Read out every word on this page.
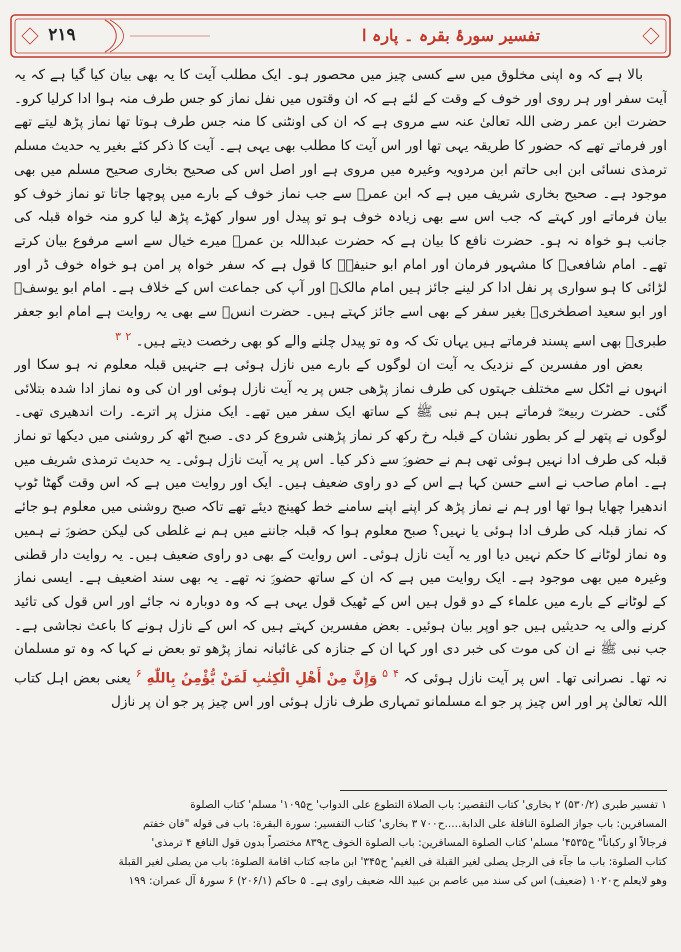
۲۱۹	تفسیر سورۂ بقرہ ۔ پارہ ا

بالا ہے کہ وہ اپنی مخلوق میں سے کسی چیز میں محصور ہو۔ ایک مطلب آیت کا یہ بھی بیان کیا گیا ہے کہ یہ آیت سفر اور ہر روی اور خوف کے وقت کے لئے ہے کہ ان وقتوں میں نفل نماز کو جس طرف منہ ہوا ادا کرلیا کرو۔ حضرت ابن عمر رضی اللہ تعالیٰ عنہ سے مروی ہے کہ ان کی اونٹنی کا منہ جس طرف ہوتا تھا نماز پڑھ لیتے تھے اور فرماتے تھے کہ حضور کا طریقہ یہی تھا اور اس آیت کا مطلب بھی یہی ہے۔ آیت کا ذکر کئے بغیر یہ حدیث مسلم ترمذی نسائی ابن ابی حاتم ابن مردویہ وغیرہ میں مروی ہے اور اصل اس کی صحیح بخاری صحیح مسلم میں بھی موجود ہے۔ صحیح بخاری شریف میں ہے کہ ابن عمرؓ سے جب نماز خوف کے بارے میں پوچھا جاتا تو نماز خوف کو بیان فرماتے اور کہتے کہ جب اس سے بھی زیادہ خوف ہو تو پیدل اور سوار کھڑے پڑھ لیا کرو منہ خواہ قبلہ کی جانب ہو خواہ نہ ہو۔ حضرت نافع کا بیان ہے کہ حضرت عبداللہ بن عمرؓ میرے خیال سے اسے مرفوع بیان کرتے تھے۔ امام شافعیؒ کا مشہور فرمان اور امام ابو حنیفہؒ کا قول ہے کہ سفر خواہ پر امن ہو خواہ خوف ڈر اور لڑائی کا ہو سواری پر نفل ادا کر لینے جائز ہیں امام مالکؒ اور آپ کی جماعت اس کے خلاف ہے۔ امام ابو یوسفؒ اور ابو سعید اصطخریؒ بغیر سفر کے بھی اسے جائز کہتے ہیں۔ حضرت انسؓ سے بھی یہ روایت ہے امام ابو جعفر طبریؒ بھی اسے پسند فرماتے ہیں یہاں تک کہ وہ تو پیدل چلنے والے کو بھی رخصت دیتے ہیں۔ $^۲$ $^۳$

بعض اور مفسرین کے نزدیک یہ آیت ان لوگوں کے بارے میں نازل ہوئی ہے جنہیں قبلہ معلوم نہ ہو سکا اور انہوں نے اٹکل سے مختلف جہتوں کی طرف نماز پڑھی جس پر یہ آیت نازل ہوئی اور ان کی وہ نماز ادا شدہ بتلائی گئی۔ حضرت ربیعہؓ فرماتے ہیں ہم نبی ﷺ کے ساتھ ایک سفر میں تھے۔ ایک منزل پر اترے۔ رات اندھیری تھی۔ لوگوں نے پتھر لے کر بطور نشان کے قبلہ رخ رکھ کر نماز پڑھنی شروع کر دی۔ صبح اٹھ کر روشنی میں دیکھا تو نماز قبلہ کی طرف ادا نہیں ہوئی تھی ہم نے حضورؐ سے ذکر کیا۔ اس پر یہ آیت نازل ہوئی۔ یہ حدیث ترمذی شریف میں ہے۔ امام صاحب نے اسے حسن کہا ہے اس کے دو راوی ضعیف ہیں۔ ایک اور روایت میں ہے کہ اس وقت گھٹا ٹوپ اندھیرا چھایا ہوا تھا اور ہم نے نماز پڑھ کر اپنے اپنے سامنے خط کھینچ دیئے تھے تاکہ صبح روشنی میں معلوم ہو جائے کہ نماز قبلہ کی طرف ادا ہوئی یا نہیں؟ صبح معلوم ہوا کہ قبلہ جاننے میں ہم نے غلطی کی لیکن حضورؐ نے ہمیں وہ نماز لوٹانے کا حکم نہیں دیا اور یہ آیت نازل ہوئی۔ اس روایت کے بھی دو راوی ضعیف ہیں۔ یہ روایت دار قطنی وغیرہ میں بھی موجود ہے۔ ایک روایت میں ہے کہ ان کے ساتھ حضورؐ نہ تھے۔ یہ بھی سند اضعیف ہے۔ ایسی نماز کے لوٹانے کے بارے میں علماء کے دو قول ہیں اس کے ٹھیک قول یہی ہے کہ وہ دوبارہ نہ جائے اور اس قول کی تائید کرنے والی یہ حدیثیں ہیں جو اوپر بیان ہوئیں۔ بعض مفسرین کہتے ہیں کہ اس کے نازل ہونے کا باعث نجاشی ہے۔ جب نبی ﷺ نے ان کی موت کی خبر دی اور کہا ان کے جنازہ کی غائبانہ نماز پڑھو تو بعض نے کہا کہ وہ تو مسلمان نہ تھا۔ نصرانی تھا۔ اس پر آیت نازل ہوئی کہ $^۴$ $^۵$ وَإِنَّ مِنْ أَهْلِ الْكِتٰبِ لَمَنْ يُّؤْمِنُ بِاللّٰهِ $^۶$ یعنی بعض اہل کتاب اللہ تعالیٰ پر اور اس چیز پر جو اے مسلمانو تمہاری طرف نازل ہوئی اور اس چیز پر جو ان پر نازل

۱ تفسیر طبری (۵۳۰/۲) ۲ بخاری' كتاب التقصير: باب الصلاة التطوع على الدواب' ح۱۰۹۵' مسلم' كتاب الصلوة

المسافرين: باب جواز الصلوة النافلة على الدابة.....ح۷۰۰ ۳ بخاری' كتاب التفسير: سورة البقرة: باب فی قوله "فان خفتم

فرجالاً او ركباناً" ح۴۵۳۵' مسلم' كتاب الصلوة المسافرين: باب الصلوة الخوف ح۸۳۹ مختصراً بدون قول النافع ۴ ترمذی'

كتاب الصلوة: باب ما جآء فی الرجل يصلی لغير القبلة فی الغيم' ح۳۴۵' ابن ماجه كتاب اقامة الصلوة: باب من يصلی لغير القبلة

وهو لايعلم ح۱۰۲۰ (ضعيف) اس کی سند میں عاصم بن عبید اللہ ضعیف راوی ہے۔ ۵ حاکم (۲۰۶/۱) ۶ سورۂ آل عمران: ۱۹۹
